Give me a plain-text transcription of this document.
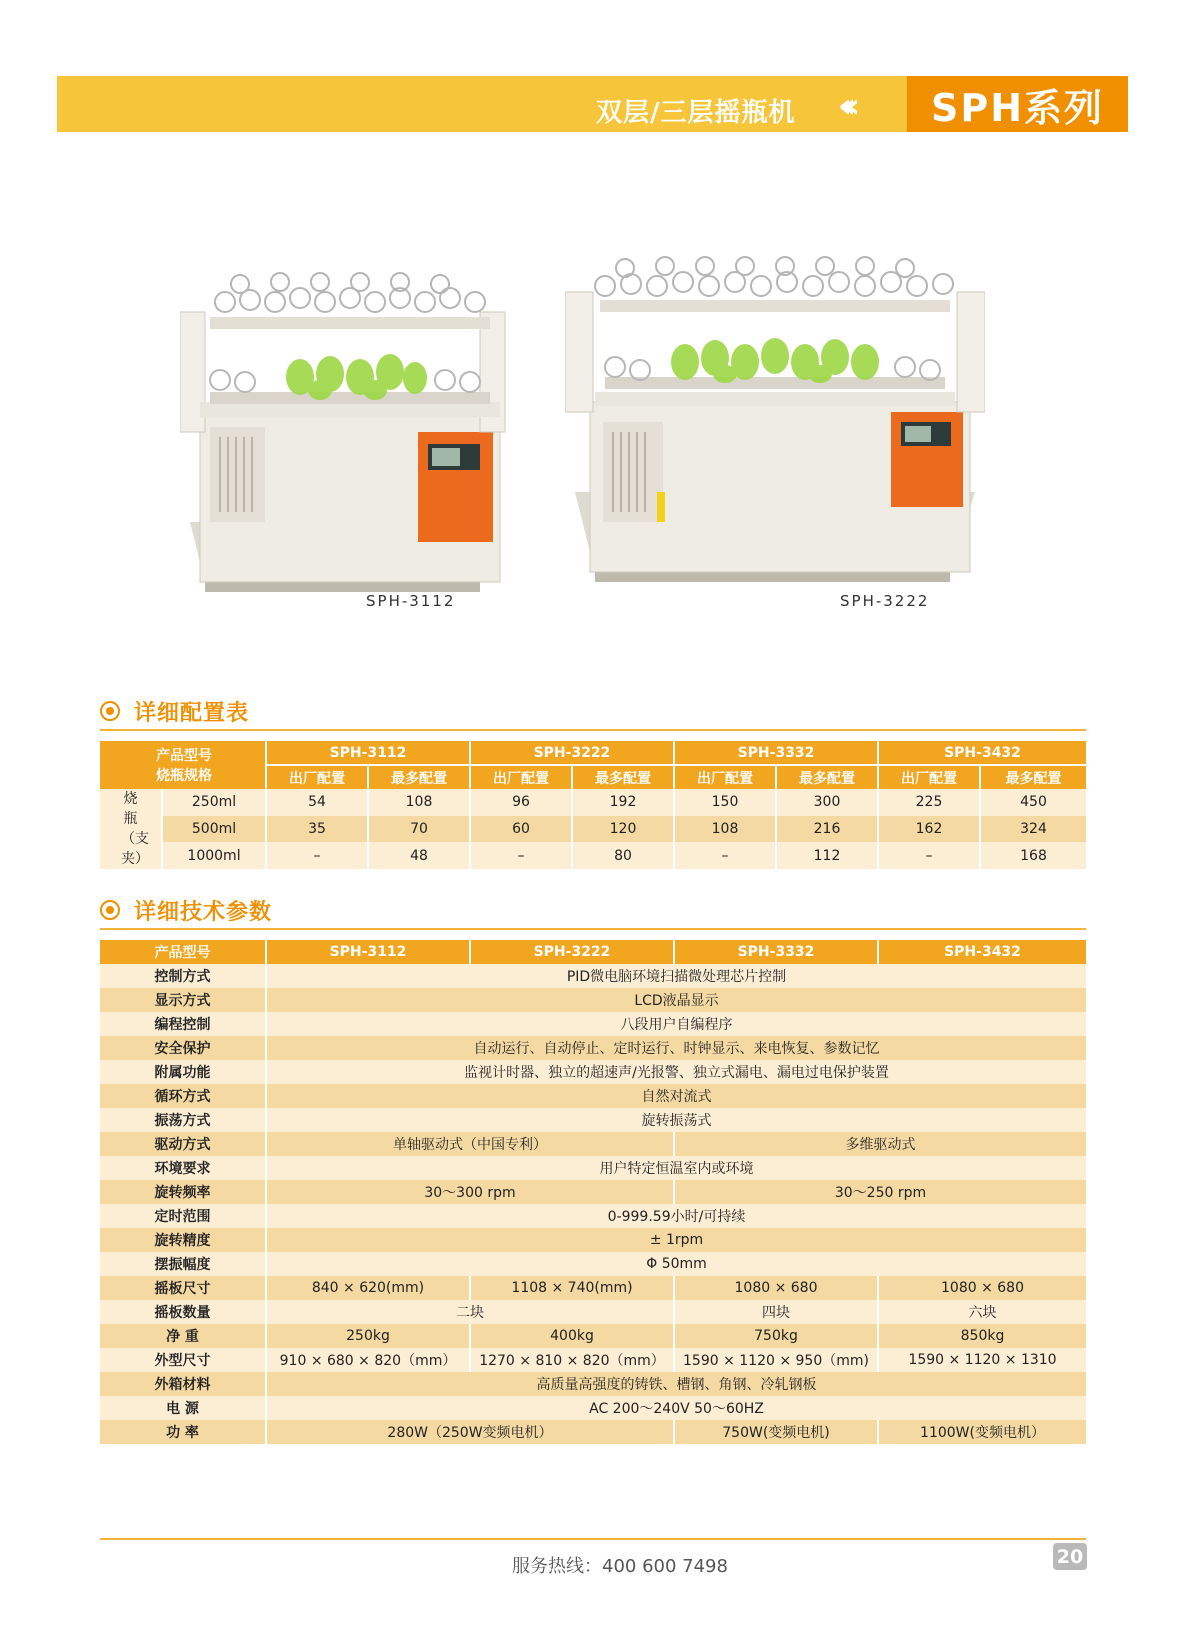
双层/三层摇瓶机 ‹‹‹ SPH系列
SPH-3112	SPH-3222
详细配置表
产品型号
烧瓶规格		SPH-3112		SPH-3222		SPH-3332		SPH-3432	
		出厂配置	最多配置	出厂配置	最多配置	出厂配置	最多配置	出厂配置	最多配置
烧瓶（支夹）	250ml	54	108	96	192	150	300	225	450
	500ml	35	70	60	120	108	216	162	324
	1000ml	–	48	–	80	–	112	–	168
详细技术参数
产品型号	SPH-3112	SPH-3222	SPH-3332	SPH-3432
控制方式	PID微电脑环境扫描微处理芯片控制			
显示方式	LCD液晶显示			
编程控制	八段用户自编程序			
安全保护	自动运行、自动停止、定时运行、时钟显示、来电恢复、参数记忆			
附属功能	监视计时器、独立的超速声/光报警、独立式漏电、漏电过电保护装置			
循环方式	自然对流式			
振荡方式	旋转振荡式			
驱动方式	单轴驱动式（中国专利）		多维驱动式	
环境要求	用户特定恒温室内或环境			
旋转频率	30～300 rpm		30～250 rpm	
定时范围	0-999.59小时/可持续			
旋转精度	± 1rpm			
摆振幅度	Φ 50mm			
摇板尺寸	840 × 620(mm)	1108 × 740(mm)	1080 × 680	1080 × 680
摇板数量	二块		四块	六块
净 重	250kg	400kg	750kg	850kg
外型尺寸	910 × 680 × 820（mm）	1270 × 810 × 820（mm）	1590 × 1120 × 950（mm)	1590 × 1120 × 1310
外箱材料	高质量高强度的铸铁、槽钢、角钢、冷轧钢板			
电 源	AC 200～240V 50～60HZ			
功 率	280W（250W变频电机）		750W(变频电机)	1100W(变频电机）
服务热线：400 600 7498	20
